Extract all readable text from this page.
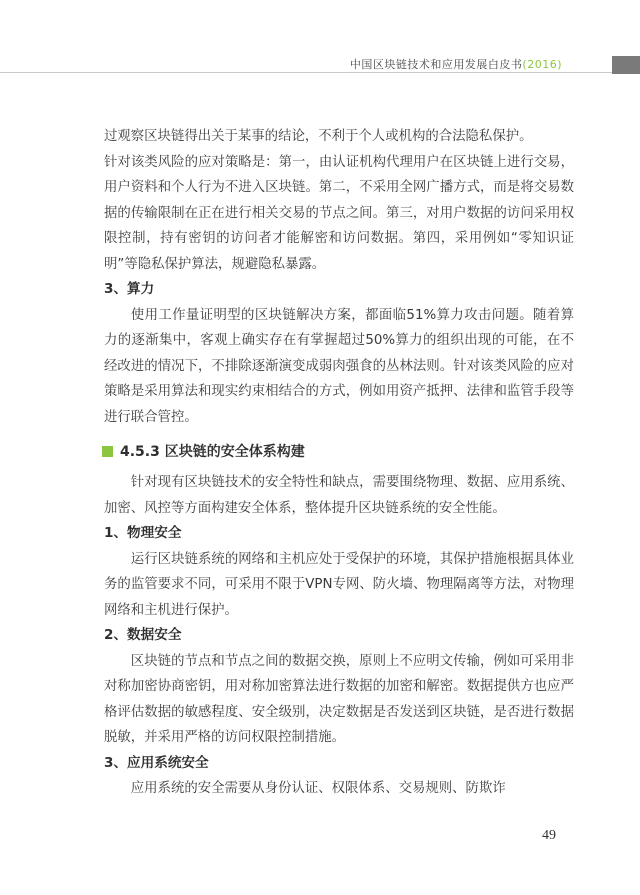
中国区块链技术和应用发展白皮书(2016)

过观察区块链得出关于某事的结论，不利于个人或机构的合法隐私保护。

针对该类风险的应对策略是：第一，由认证机构代理用户在区块链上进行交易，用户资料和个人行为不进入区块链。第二，不采用全网广播方式，而是将交易数据的传输限制在正在进行相关交易的节点之间。第三，对用户数据的访问采用权限控制，持有密钥的访问者才能解密和访问数据。第四，采用例如“零知识证明”等隐私保护算法，规避隐私暴露。

3、算力

使用工作量证明型的区块链解决方案，都面临51%算力攻击问题。随着算力的逐渐集中，客观上确实存在有掌握超过50%算力的组织出现的可能，在不经改进的情况下，不排除逐渐演变成弱肉强食的丛林法则。针对该类风险的应对策略是采用算法和现实约束相结合的方式，例如用资产抵押、法律和监管手段等进行联合管控。

4.5.3 区块链的安全体系构建

针对现有区块链技术的安全特性和缺点，需要围绕物理、数据、应用系统、加密、风控等方面构建安全体系，整体提升区块链系统的安全性能。

1、物理安全

运行区块链系统的网络和主机应处于受保护的环境，其保护措施根据具体业务的监管要求不同，可采用不限于VPN专网、防火墙、物理隔离等方法，对物理网络和主机进行保护。

2、数据安全

区块链的节点和节点之间的数据交换，原则上不应明文传输，例如可采用非对称加密协商密钥，用对称加密算法进行数据的加密和解密。数据提供方也应严格评估数据的敏感程度、安全级别，决定数据是否发送到区块链，是否进行数据脱敏，并采用严格的访问权限控制措施。

3、应用系统安全

应用系统的安全需要从身份认证、权限体系、交易规则、防欺诈

49
